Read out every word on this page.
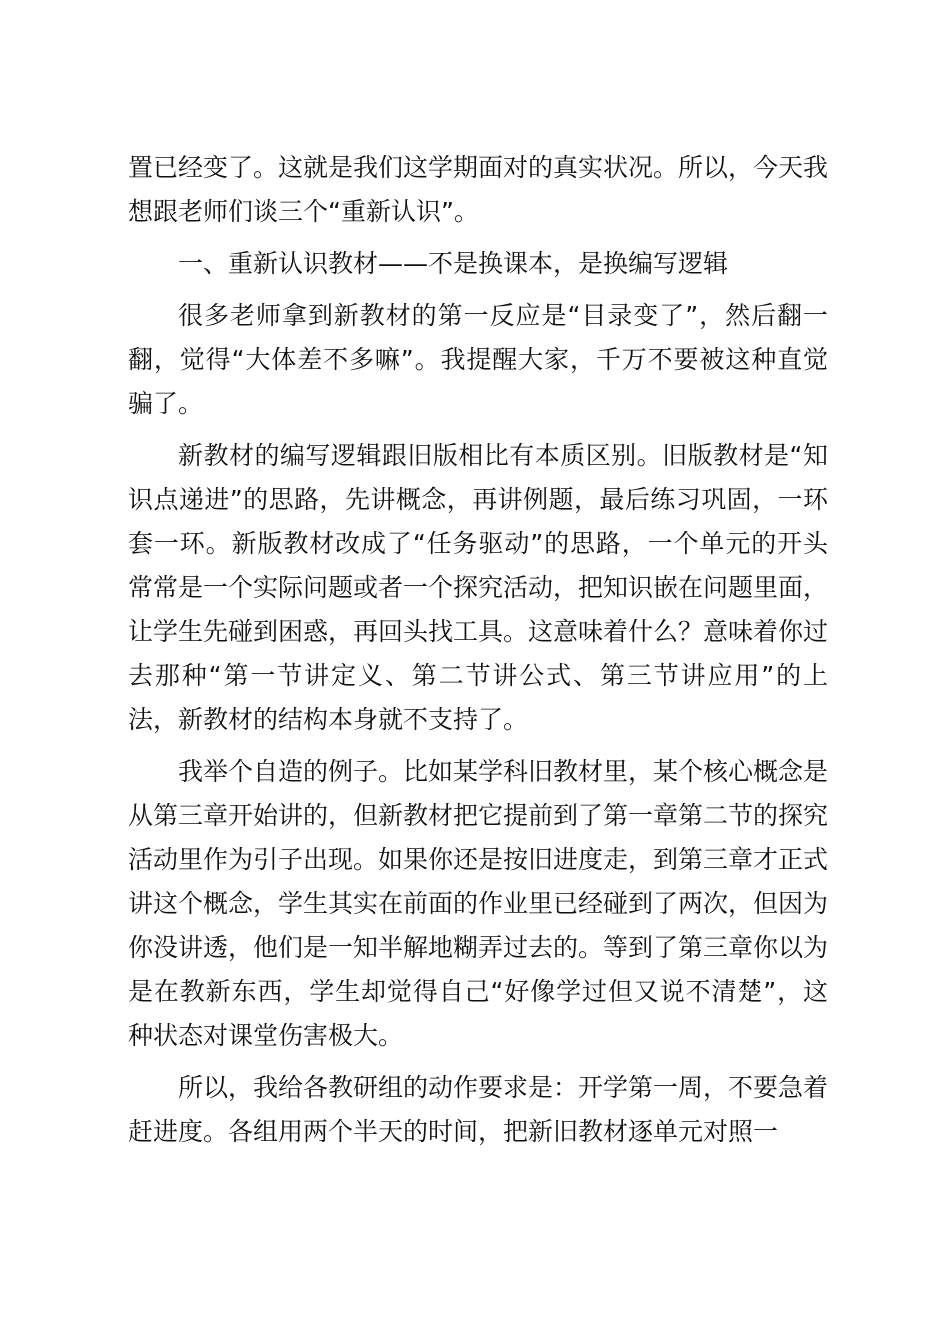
置已经变了。这就是我们这学期面对的真实状况。所以，今天我想跟老师们谈三个“重新认识”。

一、重新认识教材——不是换课本，是换编写逻辑

很多老师拿到新教材的第一反应是“目录变了”，然后翻一翻，觉得“大体差不多嘛”。我提醒大家，千万不要被这种直觉骗了。

新教材的编写逻辑跟旧版相比有本质区别。旧版教材是“知识点递进”的思路，先讲概念，再讲例题，最后练习巩固，一环套一环。新版教材改成了“任务驱动”的思路，一个单元的开头常常是一个实际问题或者一个探究活动，把知识嵌在问题里面，让学生先碰到困惑，再回头找工具。这意味着什么？意味着你过去那种“第一节讲定义、第二节讲公式、第三节讲应用”的上法，新教材的结构本身就不支持了。

我举个自造的例子。比如某学科旧教材里，某个核心概念是从第三章开始讲的，但新教材把它提前到了第一章第二节的探究活动里作为引子出现。如果你还是按旧进度走，到第三章才正式讲这个概念，学生其实在前面的作业里已经碰到了两次，但因为你没讲透，他们是一知半解地糊弄过去的。等到了第三章你以为是在教新东西，学生却觉得自己“好像学过但又说不清楚”，这种状态对课堂伤害极大。

所以，我给各教研组的动作要求是：开学第一周，不要急着赶进度。各组用两个半天的时间，把新旧教材逐单元对照一
